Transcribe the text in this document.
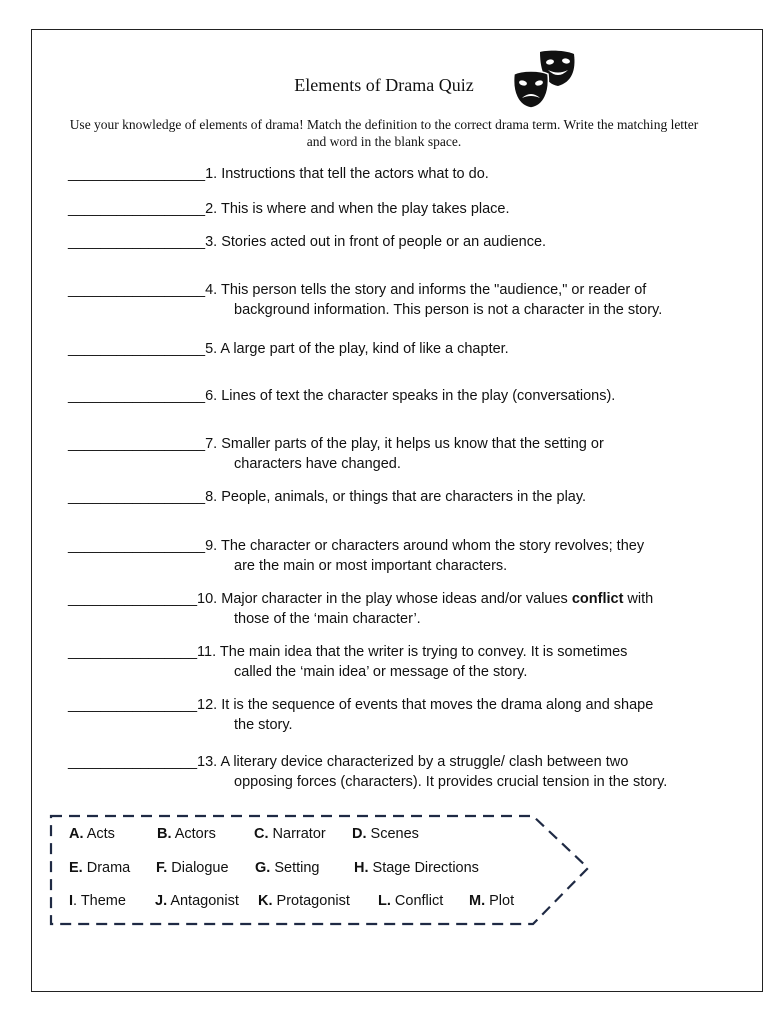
Elements of Drama Quiz
Use your knowledge of elements of drama! Match the definition to the correct drama term. Write the matching letter and word in the blank space.
_________________1. Instructions that tell the actors what to do.
_________________2. This is where and when the play takes place.
_________________3. Stories acted out in front of people or an audience.
_________________4. This person tells the story and informs the "audience," or reader of
background information. This person is not a character in the story.
_________________5. A large part of the play, kind of like a chapter.
_________________6. Lines of text the character speaks in the play (conversations).
_________________7. Smaller parts of the play, it helps us know that the setting or
characters have changed.
_________________8. People, animals, or things that are characters in the play.
_________________9. The character or characters around whom the story revolves; they
are the main or most important characters.
________________10. Major character in the play whose ideas and/or values conflict with
those of the ‘main character’.
________________11. The main idea that the writer is trying to convey. It is sometimes
called the ‘main idea’ or message of the story.
________________12. It is the sequence of events that moves the drama along and shape
the story.
________________13. A literary device characterized by a struggle/ clash between two
opposing forces (characters). It provides crucial tension in the story.
A. Acts	B. Actors	C. Narrator D. Scenes
E. Drama F. Dialogue G. Setting H. Stage Directions
I. Theme J. Antagonist K. Protagonist L. Conflict M. Plot
